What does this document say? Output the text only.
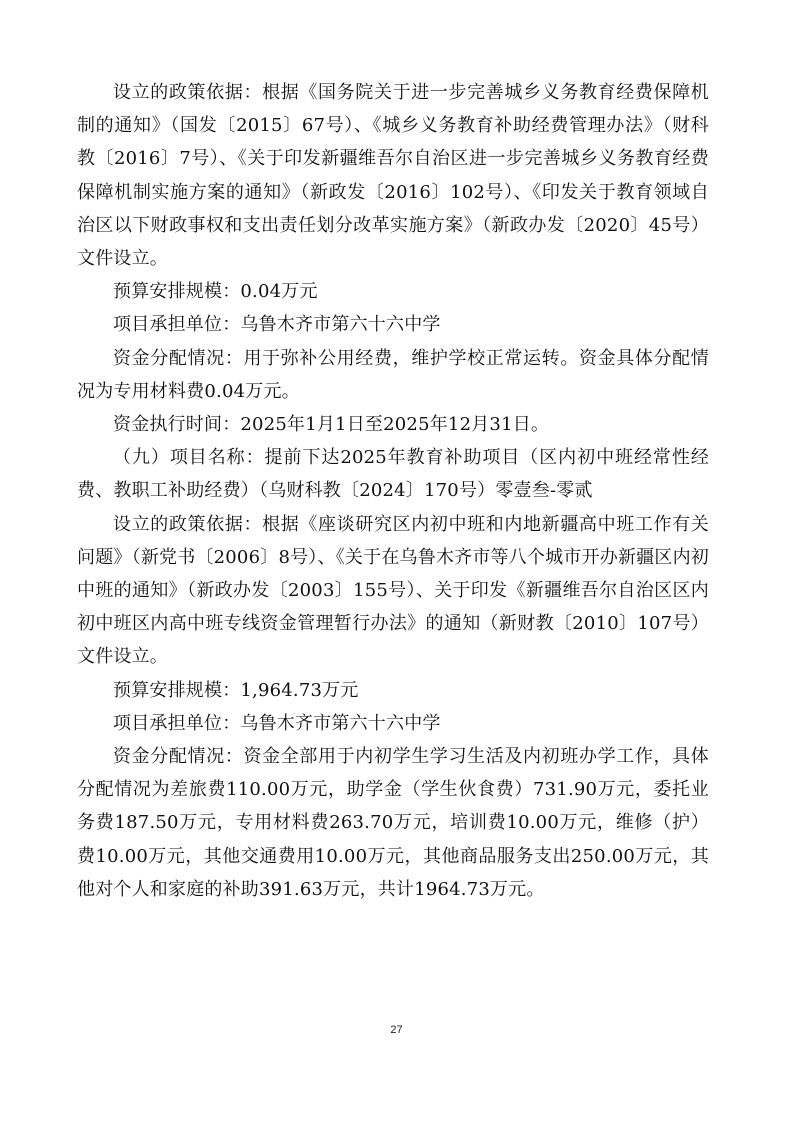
设立的政策依据：根据《国务院关于进一步完善城乡义务教育经费保障机制的通知》（国发〔2015〕67号）、《城乡义务教育补助经费管理办法》（财科教〔2016〕7号）、《关于印发新疆维吾尔自治区进一步完善城乡义务教育经费保障机制实施方案的通知》（新政发〔2016〕102号）、《印发关于教育领域自治区以下财政事权和支出责任划分改革实施方案》（新政办发〔2020〕45号）文件设立。

预算安排规模：0.04万元

项目承担单位：乌鲁木齐市第六十六中学

资金分配情况：用于弥补公用经费，维护学校正常运转。资金具体分配情况为专用材料费0.04万元。

资金执行时间：2025年1月1日至2025年12月31日。

（九）项目名称：提前下达2025年教育补助项目（区内初中班经常性经费、教职工补助经费）（乌财科教〔2024〕170号）零壹叁-零贰

设立的政策依据：根据《座谈研究区内初中班和内地新疆高中班工作有关问题》（新党书〔2006〕8号）、《关于在乌鲁木齐市等八个城市开办新疆区内初中班的通知》（新政办发〔2003〕155号）、关于印发《新疆维吾尔自治区区内初中班区内高中班专线资金管理暂行办法》的通知（新财教〔2010〕107号）文件设立。

预算安排规模：1,964.73万元

项目承担单位：乌鲁木齐市第六十六中学

资金分配情况：资金全部用于内初学生学习生活及内初班办学工作，具体分配情况为差旅费110.00万元，助学金（学生伙食费）731.90万元，委托业务费187.50万元，专用材料费263.70万元，培训费10.00万元，维修（护）费10.00万元，其他交通费用10.00万元，其他商品服务支出250.00万元，其他对个人和家庭的补助391.63万元，共计1964.73万元。

27
